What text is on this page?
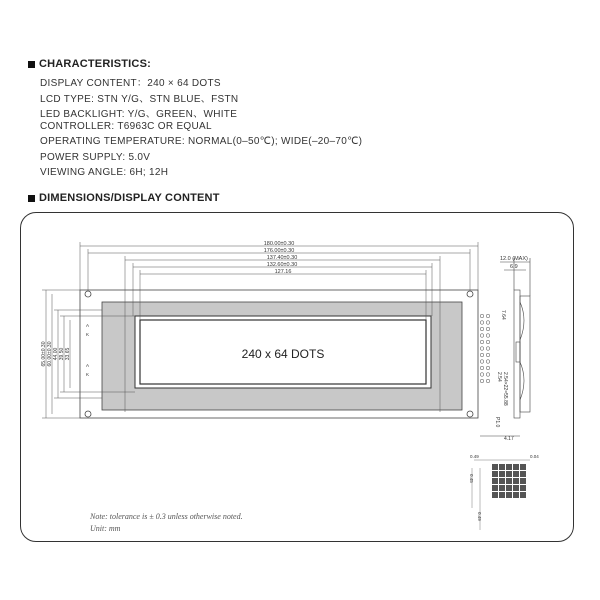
CHARACTERISTICS:
DISPLAY CONTENT：240 × 64 DOTS
LCD TYPE: STN Y/G、STN BLUE、FSTN
LED BACKLIGHT: Y/G、GREEN、WHITE
CONTROLLER: T6963C OR EQUAL
OPERATING TEMPERATURE: NORMAL(0–50℃); WIDE(–20–70℃)
POWER SUPPLY: 5.0V
VIEWING ANGLE: 6H; 12H
DIMENSIONS/DISPLAY CONTENT
240 x 64 DOTS
180.00±0.30
176.00±0.30
137.40±0.30
132.60±0.30
127.16
65.00±0.30 60.00±0.30 44.00 39.50 33.65
A
K
A
K
7.64
2.54 2.54×22=55.88
P1.0
4.17
12.0 (MAX)
6.9
0.49	0.04
0.45
0.49
Note: tolerance is ± 0.3 unless otherwise noted.
Unit: mm
